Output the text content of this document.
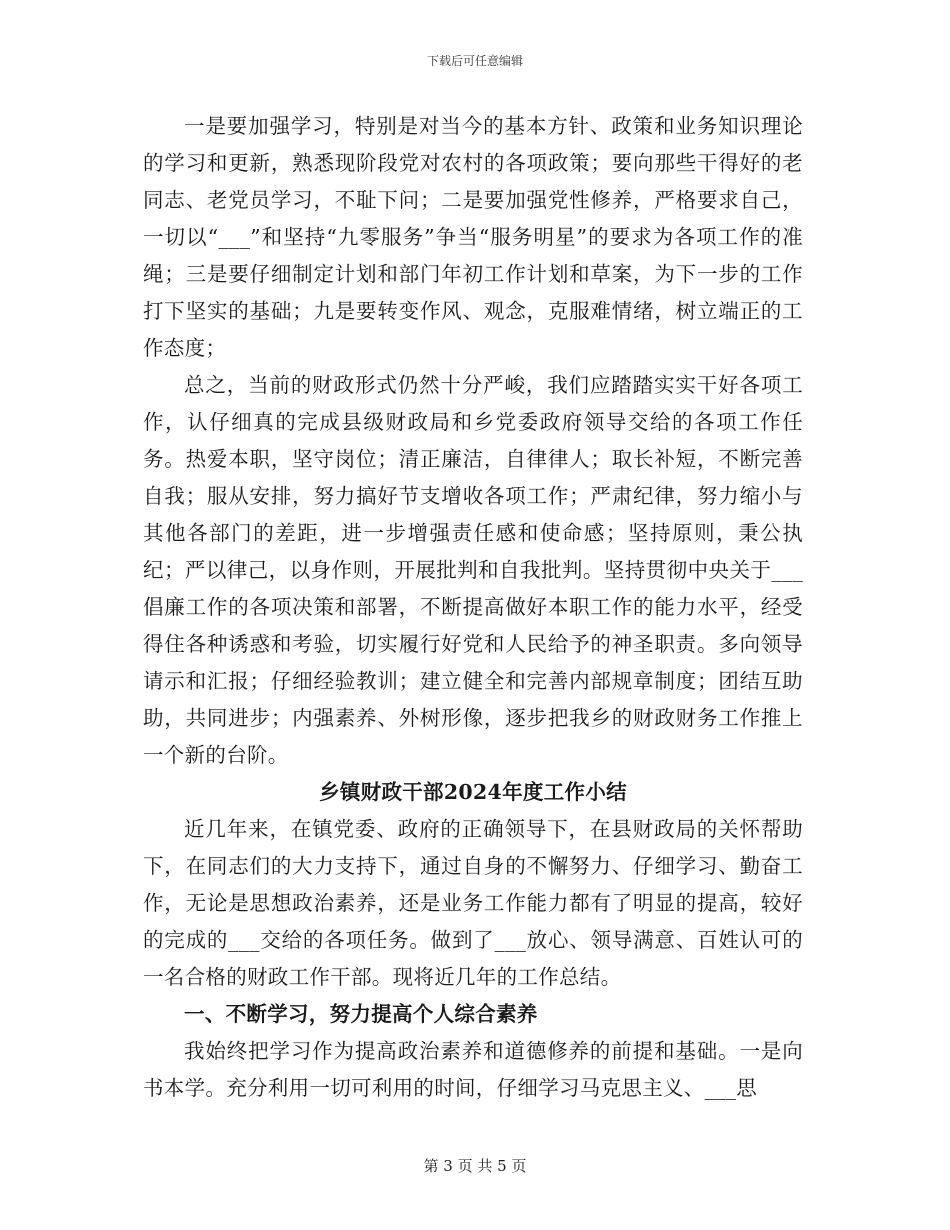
下载后可任意编辑

一是要加强学习，特别是对当今的基本方针、政策和业务知识理论的学习和更新，熟悉现阶段党对农村的各项政策；要向那些干得好的老同志、老党员学习，不耻下问；二是要加强党性修养，严格要求自己，一切以“___”和坚持“九零服务”争当“服务明星”的要求为各项工作的准绳；三是要仔细制定计划和部门年初工作计划和草案，为下一步的工作打下坚实的基础；九是要转变作风、观念，克服难情绪，树立端正的工作态度；

总之，当前的财政形式仍然十分严峻，我们应踏踏实实干好各项工作，认仔细真的完成县级财政局和乡党委政府领导交给的各项工作任务。热爱本职，坚守岗位；清正廉洁，自律律人；取长补短，不断完善自我；服从安排，努力搞好节支增收各项工作；严肃纪律，努力缩小与其他各部门的差距，进一步增强责任感和使命感；坚持原则，秉公执纪；严以律己，以身作则，开展批判和自我批判。坚持贯彻中央关于___倡廉工作的各项决策和部署，不断提高做好本职工作的能力水平，经受得住各种诱惑和考验，切实履行好党和人民给予的神圣职责。多向领导请示和汇报；仔细经验教训；建立健全和完善内部规章制度；团结互助助，共同进步；内强素养、外树形像，逐步把我乡的财政财务工作推上一个新的台阶。

乡镇财政干部2024年度工作小结

近几年来，在镇党委、政府的正确领导下，在县财政局的关怀帮助下，在同志们的大力支持下，通过自身的不懈努力、仔细学习、勤奋工作，无论是思想政治素养，还是业务工作能力都有了明显的提高，较好的完成的___交给的各项任务。做到了___放心、领导满意、百姓认可的一名合格的财政工作干部。现将近几年的工作总结。

一、不断学习，努力提高个人综合素养

我始终把学习作为提高政治素养和道德修养的前提和基础。一是向书本学。充分利用一切可利用的时间，仔细学习马克思主义、___思

第 3 页 共 5 页
